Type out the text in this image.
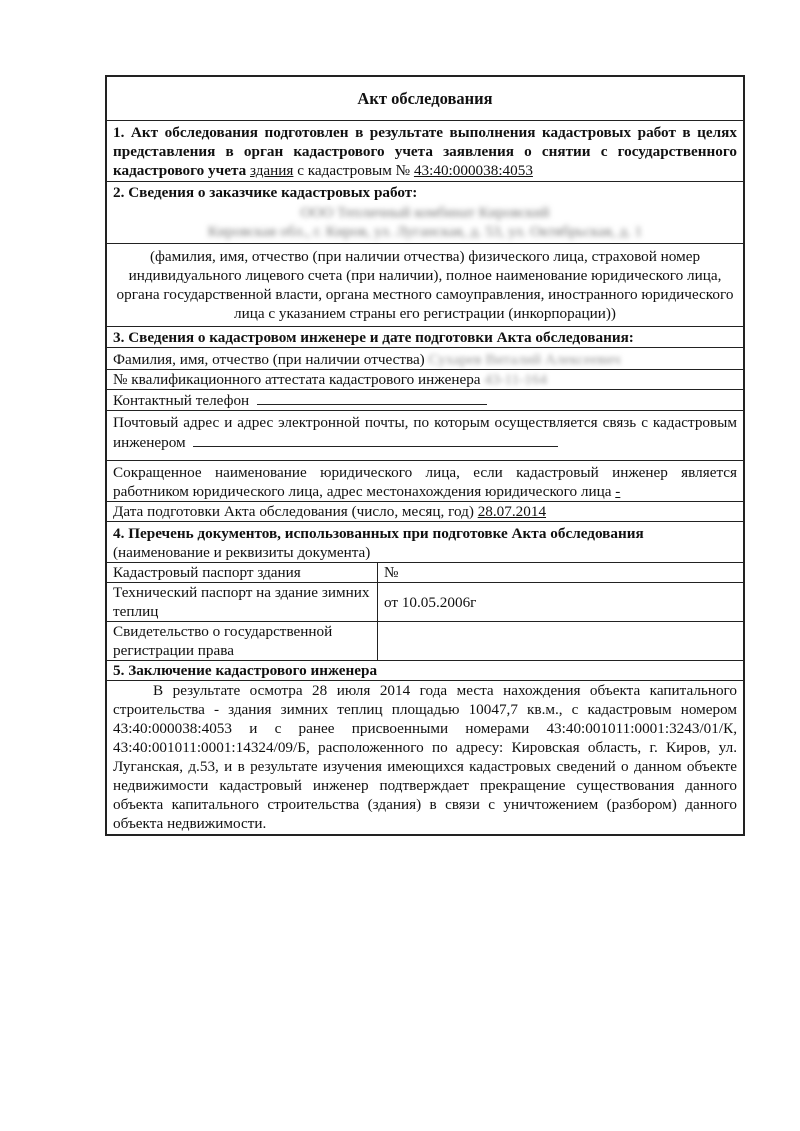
Акт обследования
1. Акт обследования подготовлен в результате выполнения кадастровых работ в целях представления в орган кадастрового учета заявления о снятии с государственного кадастрового учета здания с кадастровым № 43:40:000038:4053
2. Сведения о заказчике кадастровых работ:
ООО Тепличный комбинат Кировский
Кировская обл., г. Киров, ул. Луганская, д. 53, ул. Октябрьская, д. 1
(фамилия, имя, отчество (при наличии отчества) физического лица, страховой номер индивидуального лицевого счета (при наличии), полное наименование юридического лица, органа государственной власти, органа местного самоуправления, иностранного юридического лица с указанием страны его регистрации (инкорпорации))
3. Сведения о кадастровом инженере и дате подготовки Акта обследования:
Фамилия, имя, отчество (при наличии отчества) Сухарев Виталий Алексеевич
№ квалификационного аттестата кадастрового инженера 43-11-164
Контактный телефон
Почтовый адрес и адрес электронной почты, по которым осуществляется связь с кадастровым инженером
Сокращенное наименование юридического лица, если кадастровый инженер является работником юридического лица, адрес местонахождения юридического лица -
Дата подготовки Акта обследования (число, месяц, год) 28.07.2014
4. Перечень документов, использованных при подготовке Акта обследования
(наименование и реквизиты документа)
Кадастровый паспорт здания	№
Технический паспорт на здание зимних теплиц
от 10.05.2006г
Свидетельство о государственной регистрации права
5. Заключение кадастрового инженера
В результате осмотра 28 июля 2014 года места нахождения объекта капитального строительства - здания зимних теплиц площадью 10047,7 кв.м., с кадастровым номером 43:40:000038:4053 и с ранее присвоенными номерами 43:40:001011:0001:3243/01/К, 43:40:001011:0001:14324/09/Б, расположенного по адресу: Кировская область, г. Киров, ул. Луганская, д.53, и в результате изучения имеющихся кадастровых сведений о данном объекте недвижимости кадастровый инженер подтверждает прекращение существования данного объекта капитального строительства (здания) в связи с уничтожением (разбором) данного объекта недвижимости.
